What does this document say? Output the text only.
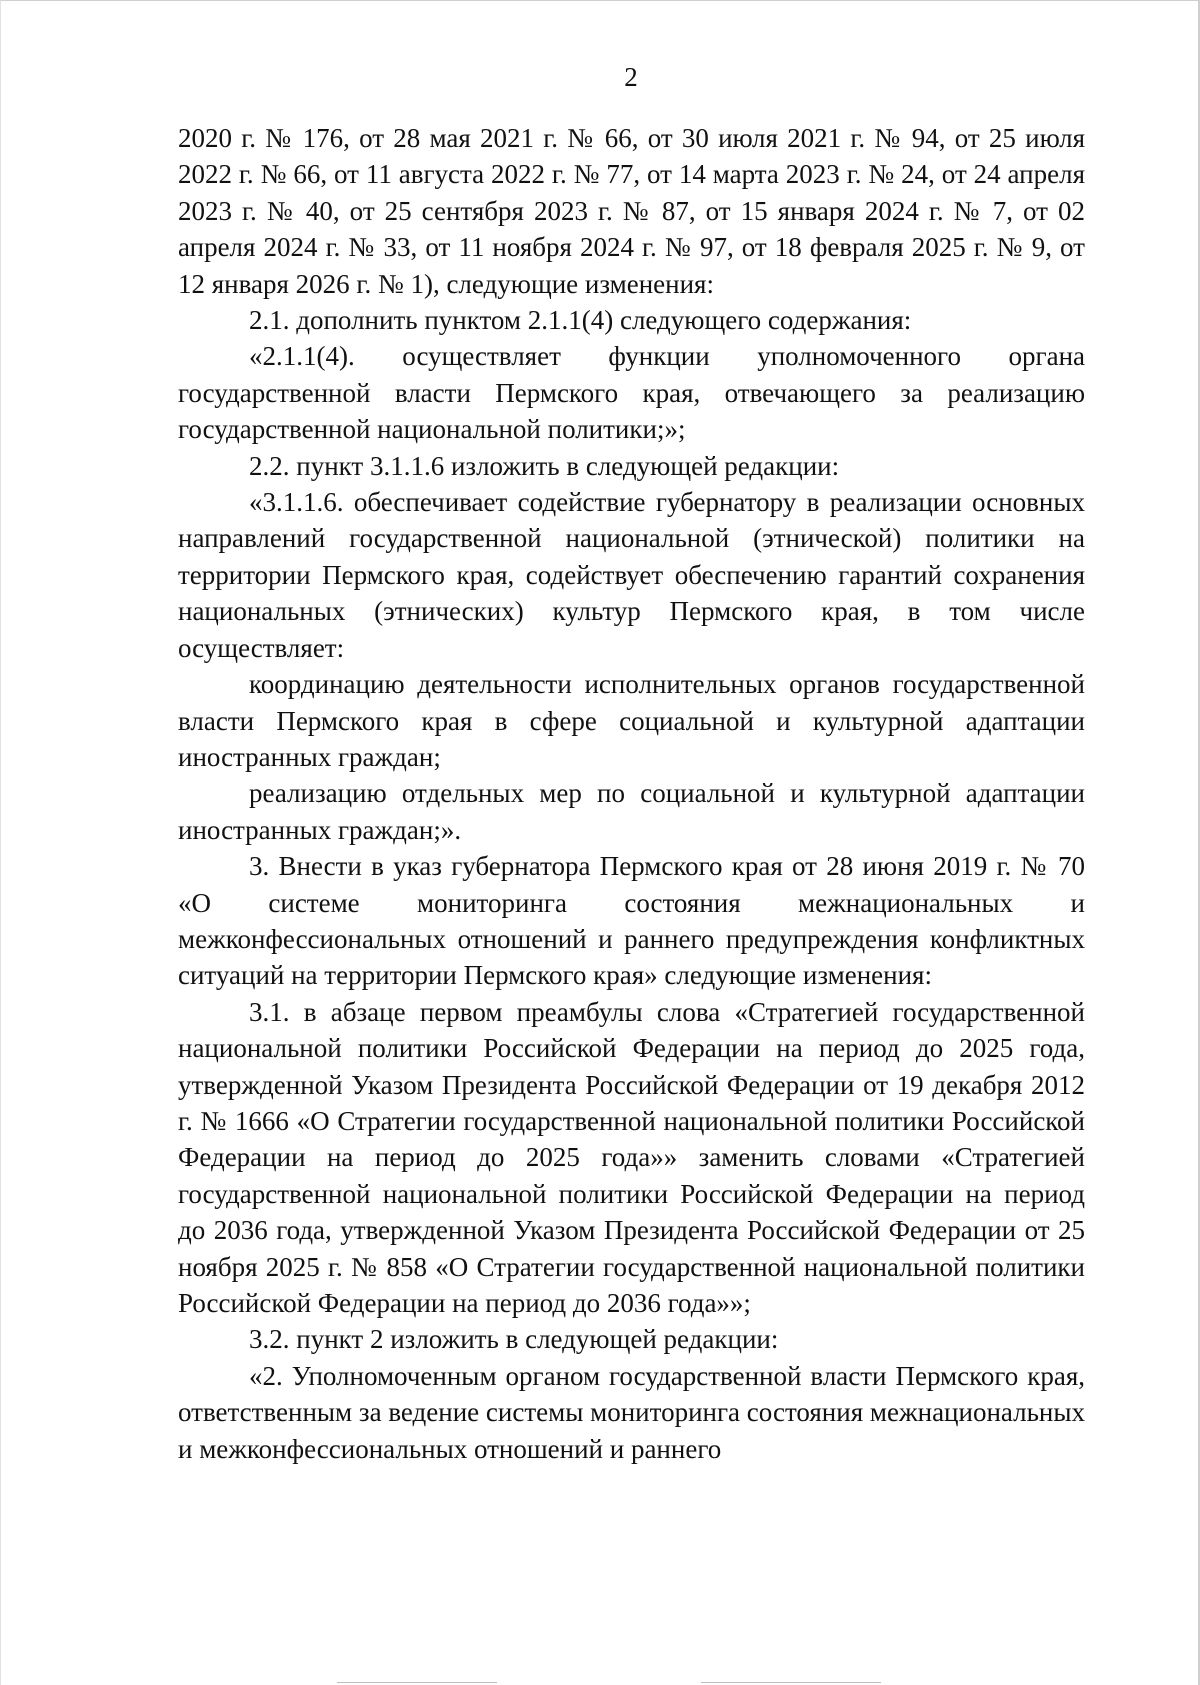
2

2020 г. № 176, от 28 мая 2021 г. № 66, от 30 июля 2021 г. № 94, от 25 июля 2022 г. № 66, от 11 августа 2022 г. № 77, от 14 марта 2023 г. № 24, от 24 апреля 2023 г. № 40, от 25 сентября 2023 г. № 87, от 15 января 2024 г. № 7, от 02 апреля 2024 г. № 33, от 11 ноября 2024 г. № 97, от 18 февраля 2025 г. № 9, от 12 января 2026 г. № 1), следующие изменения:

2.1. дополнить пунктом 2.1.1(4) следующего содержания:

«2.1.1(4). осуществляет функции уполномоченного органа государственной власти Пермского края, отвечающего за реализацию государственной национальной политики;»;

2.2. пункт 3.1.1.6 изложить в следующей редакции:

«3.1.1.6. обеспечивает содействие губернатору в реализации основных направлений государственной национальной (этнической) политики на территории Пермского края, содействует обеспечению гарантий сохранения национальных (этнических) культур Пермского края, в том числе осуществляет:

координацию деятельности исполнительных органов государственной власти Пермского края в сфере социальной и культурной адаптации иностранных граждан;

реализацию отдельных мер по социальной и культурной адаптации иностранных граждан;».

3. Внести в указ губернатора Пермского края от 28 июня 2019 г. № 70 «О системе мониторинга состояния межнациональных и межконфессиональных отношений и раннего предупреждения конфликтных ситуаций на территории Пермского края» следующие изменения:

3.1. в абзаце первом преамбулы слова «Стратегией государственной национальной политики Российской Федерации на период до 2025 года, утвержденной Указом Президента Российской Федерации от 19 декабря 2012 г. № 1666 «О Стратегии государственной национальной политики Российской Федерации на период до 2025 года»» заменить словами «Стратегией государственной национальной политики Российской Федерации на период до 2036 года, утвержденной Указом Президента Российской Федерации от 25 ноября 2025 г. № 858 «О Стратегии государственной национальной политики Российской Федерации на период до 2036 года»»;

3.2. пункт 2 изложить в следующей редакции:

«2. Уполномоченным органом государственной власти Пермского края, ответственным за ведение системы мониторинга состояния межнациональных и межконфессиональных отношений и раннего
